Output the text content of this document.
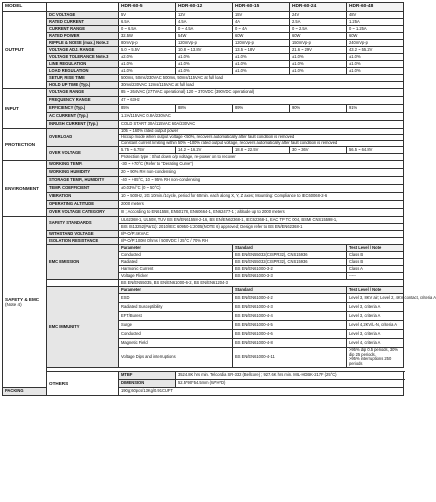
MODEL		HDR-60-5	HDR-60-12	HDR-60-15	HDR-60-24	HDR-60-48
OUTPUT	DC VOLTAGE	5V	12V	15V	24V	48V
	RATED CURRENT	6.5A	4.5A	4A	2.5A	1.25A
	CURRENT RANGE	0 ~ 6.5A	0 ~ 4.5A	0 ~ 4A	0 ~ 2.5A	0 ~ 1.25A
	RATED POWER	32.5W	54W	60W	60W	60W
	RIPPLE & NOISE (max.) Note.2	80mVp-p	120mVp-p	120mVp-p	150mVp-p	240mVp-p
	VOLTAGE ADJ. RANGE	5.0 ~ 5.5V	10.8 ~ 13.8V	13.5 ~ 18V	21.6 ~ 29V	43.2 ~ 55.2V
	VOLTAGE TOLERANCE Note.3	±2.0%	±1.0%	±1.0%	±1.0%	±1.0%
	LINE REGULATION	±1.0%	±1.0%	±1.0%	±1.0%	±1.0%
	LOAD REGULATION	±1.0%	±1.0%	±1.0%	±1.0%	±1.0%
	SETUP, RISE TIME	500ms, 50ms/230VAC 500ms, 50ms/115VAC at full load				
	HOLD UP TIME (Typ.)	30ms/230VAC 12ms/115VAC at full load				
INPUT	VOLTAGE RANGE	85 ~ 264VAC (277VAC operational) 120 ~ 370VDC (390VDC operational)				
	FREQUENCY RANGE	47 ~ 63Hz				
	EFFICIENCY (Typ.)	85%	88%	89%	90%	91%
	AC CURRENT (Typ.)	1.2A/115VAC 0.8A/230VAC				
	INRUSH CURRENT (Typ.)	COLD START 30A/115VAC 60A/230VAC				
PROTECTION	OVERLOAD	105 ~ 160% rated output power				
		Hiccup mode when output voltage <50%, recovers automatically after fault condition is removed				
		Constant current limiting within 50% ~100% rated output voltage, recovers automatically after fault condition is removed				
	OVER VOLTAGE	5.75 ~ 6.75V	14.2 ~ 16.2V	18.8 ~ 22.5V	30 ~ 36V	56.5 ~ 64.8V
		Protection type : Shut down o/p voltage, re-power on to recover				
ENVIRONMENT	WORKING TEMP.	-30 ~ +70°C (Refer to "Derating Curve")				
	WORKING HUMIDITY	20 ~ 90% RH non-condensing				
	STORAGE TEMP., HUMIDITY	-40 ~ +85°C, 10 ~ 95% RH non-condensing				
	TEMP. COEFFICIENT	±0.03%/°C (0 ~ 50°C)				
	VIBRATION	10 ~ 500Hz, 2G 10min./1cycle, period for 60min. each along X, Y, Z axes; Mounting: Compliance to IEC60068-2-6				
	OPERATING ALTITUDE	2000 meters				
	OVER VOLTAGE CATEGORY	III ; According to EN61558, EN50178, EN60664-1, EN62477-1 ; altitude up to 2000 meters				

SAFETY & EMC
(Note 4)	SAFETY STANDARDS	UL62368-1, UL508, TUV BS EN/EN61558-2-16, BS EN/EN62368-1, IEC62368-1, EAC TP TC 004, BSMI CNS15598-1,				
		BIS IS13252(Part1): 2010/IEC 60950-1:2005(NOTE 6) approved; Design refer to BS EN/EN62368-1				
	WITHSTAND VOLTAGE	I/P-O/P:4KVAC				
	ISOLATION RESISTANCE	I/P-O/P:100M Ohms / 500VDC / 25°C / 70% RH				
	EMC EMISSION	Parameter		Standard		Test Level / Note
		Conducted		BS EN/EN55032(CISPR32), CNS15936		Class B
		Radiated		BS EN/EN55032(CISPR32), CNS15936		Class B
		Harmonic Current		BS EN/EN61000-3-2		Class A
		Voltage Flicker		BS EN/EN61000-3-3		-----
		BS EN/EN55035, BS EN/EN61000-6-2, BS EN/EN61204-3				
	EMC IMMUNITY	Parameter		Standard		Test Level / Note
		ESD		BS EN/EN61000-4-2		Level 3, 8KV air; Level 2, 4KV contact, criteria A
		Radiated Susceptibility		BS EN/EN61000-4-3		Level 3, criteria A
		EFT/Burest		BS EN/EN61000-4-4		Level 3, criteria A
		Surge		BS EN/EN61000-4-5		Level 4,2KV/L-N, criteria A
		Conducted		BS EN/EN61000-4-6		Level 3, criteria A
		Magnetic Field		BS EN/EN61000-4-8		Level 4, criteria A
		Voltage Dips and interruptions		BS EN/EN61000-4-11		>95% dip 0.5 periods, 30% dip 25 periods,
>95% interruptions 250 periods

	OTHERS	MTBF	3524.8K hrs min. Telcordia SR-332 (Bellcore) ; 927.6K hrs min. MIL-HDBK-217F (25°C)			
		DIMENSION	52.5*90*54.5mm (W*H*D)			
PACKING		190g;60pcs/13Kg/0.91CUFT				
